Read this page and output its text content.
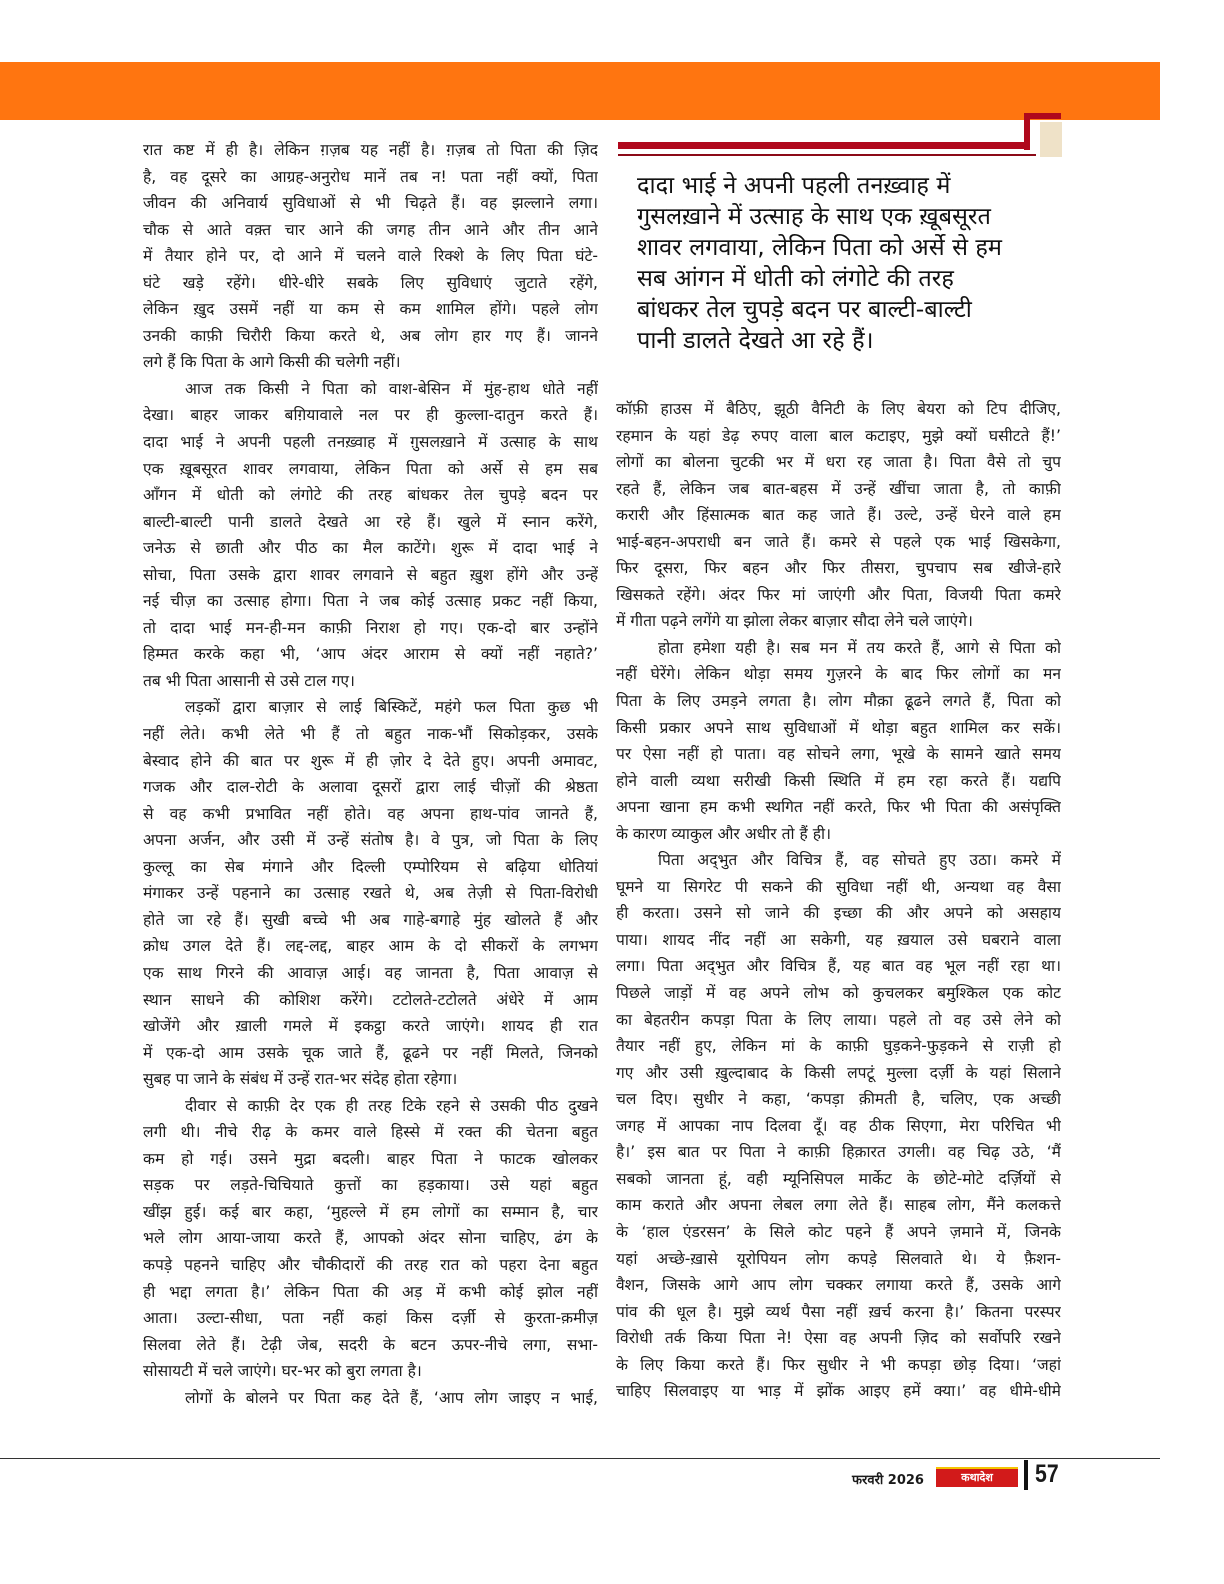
दादा भाई ने अपनी पहली तनख़्वाह में
गुसलख़ाने में उत्साह के साथ एक ख़ूबसूरत
शावर लगवाया, लेकिन पिता को अर्से से हम
सब आंगन में धोती को लंगोटे की तरह
बांधकर तेल चुपड़े बदन पर बाल्टी-बाल्टी
पानी डालते देखते आ रहे हैं।
रात कष्ट में ही है। लेकिन ग़ज़ब यह नहीं है। ग़ज़ब तो पिता की ज़िद
है, वह दूसरे का आग्रह-अनुरोध मानें तब न! पता नहीं क्यों, पिता
जीवन की अनिवार्य सुविधाओं से भी चिढ़ते हैं। वह झल्लाने लगा।
चौक से आते वक़्त चार आने की जगह तीन आने और तीन आने
में तैयार होने पर, दो आने में चलने वाले रिक्शे के लिए पिता घंटे-
घंटे खड़े रहेंगे। धीरे-धीरे सबके लिए सुविधाएं जुटाते रहेंगे,
लेकिन ख़ुद उसमें नहीं या कम से कम शामिल होंगे। पहले लोग
उनकी काफ़ी चिरौरी किया करते थे, अब लोग हार गए हैं। जानने
लगे हैं कि पिता के आगे किसी की चलेगी नहीं।
आज तक किसी ने पिता को वाश-बेसिन में मुंह-हाथ धोते नहीं
देखा। बाहर जाकर बग़ियावाले नल पर ही कुल्ला-दातुन करते हैं।
दादा भाई ने अपनी पहली तनख़्वाह में ग़ुसलख़ाने में उत्साह के साथ
एक ख़ूबसूरत शावर लगवाया, लेकिन पिता को अर्से से हम सब
आँगन में धोती को लंगोटे की तरह बांधकर तेल चुपड़े बदन पर
बाल्टी-बाल्टी पानी डालते देखते आ रहे हैं। खुले में स्नान करेंगे,
जनेऊ से छाती और पीठ का मैल काटेंगे। शुरू में दादा भाई ने
सोचा, पिता उसके द्वारा शावर लगवाने से बहुत ख़ुश होंगे और उन्हें
नई चीज़ का उत्साह होगा। पिता ने जब कोई उत्साह प्रकट नहीं किया,
तो दादा भाई मन-ही-मन काफ़ी निराश हो गए। एक-दो बार उन्होंने
हिम्मत करके कहा भी, ‘आप अंदर आराम से क्यों नहीं नहाते?’
तब भी पिता आसानी से उसे टाल गए।
लड़कों द्वारा बाज़ार से लाई बिस्किटें, महंगे फल पिता कुछ भी
नहीं लेते। कभी लेते भी हैं तो बहुत नाक-भौं सिकोड़कर, उसके
बेस्वाद होने की बात पर शुरू में ही ज़ोर दे देते हुए। अपनी अमावट,
गजक और दाल-रोटी के अलावा दूसरों द्वारा लाई चीज़ों की श्रेष्ठता
से वह कभी प्रभावित नहीं होते। वह अपना हाथ-पांव जानते हैं,
अपना अर्जन, और उसी में उन्हें संतोष है। वे पुत्र, जो पिता के लिए
कुल्लू का सेब मंगाने और दिल्ली एम्पोरियम से बढ़िया धोतियां
मंगाकर उन्हें पहनाने का उत्साह रखते थे, अब तेज़ी से पिता-विरोधी
होते जा रहे हैं। सुखी बच्चे भी अब गाहे-बगाहे मुंह खोलते हैं और
क्रोध उगल देते हैं। लद्द-लद्द, बाहर आम के दो सीकरों के लगभग
एक साथ गिरने की आवाज़ आई। वह जानता है, पिता आवाज़ से
स्थान साधने की कोशिश करेंगे। टटोलते-टटोलते अंधेरे में आम
खोजेंगे और ख़ाली गमले में इकट्ठा करते जाएंगे। शायद ही रात
में एक-दो आम उसके चूक जाते हैं, ढूढने पर नहीं मिलते, जिनको
सुबह पा जाने के संबंध में उन्हें रात-भर संदेह होता रहेगा।
दीवार से काफ़ी देर एक ही तरह टिके रहने से उसकी पीठ दुखने
लगी थी। नीचे रीढ़ के कमर वाले हिस्से में रक्त की चेतना बहुत
कम हो गई। उसने मुद्रा बदली। बाहर पिता ने फाटक खोलकर
सड़क पर लड़ते-चिचियाते कुत्तों का हड़काया। उसे यहां बहुत
खींझ हुई। कई बार कहा, ‘मुहल्ले में हम लोगों का सम्मान है, चार
भले लोग आया-जाया करते हैं, आपको अंदर सोना चाहिए, ढंग के
कपड़े पहनने चाहिए और चौकीदारों की तरह रात को पहरा देना बहुत
ही भद्दा लगता है।’ लेकिन पिता की अड़ में कभी कोई झोल नहीं
आता। उल्टा-सीधा, पता नहीं कहां किस दर्ज़ी से कुरता-क़मीज़
सिलवा लेते हैं। टेढ़ी जेब, सदरी के बटन ऊपर-नीचे लगा, सभा-
सोसायटी में चले जाएंगे। घर-भर को बुरा लगता है।
लोगों के बोलने पर पिता कह देते हैं, ‘आप लोग जाइए न भाई,
कॉफ़ी हाउस में बैठिए, झूठी वैनिटी के लिए बेयरा को टिप दीजिए,
रहमान के यहां डेढ़ रुपए वाला बाल कटाइए, मुझे क्यों घसीटते हैं!’
लोगों का बोलना चुटकी भर में धरा रह जाता है। पिता वैसे तो चुप
रहते हैं, लेकिन जब बात-बहस में उन्हें खींचा जाता है, तो काफ़ी
करारी और हिंसात्मक बात कह जाते हैं। उल्टे, उन्हें घेरने वाले हम
भाई-बहन-अपराधी बन जाते हैं। कमरे से पहले एक भाई खिसकेगा,
फिर दूसरा, फिर बहन और फिर तीसरा, चुपचाप सब खीजे-हारे
खिसकते रहेंगे। अंदर फिर मां जाएंगी और पिता, विजयी पिता कमरे
में गीता पढ़ने लगेंगे या झोला लेकर बाज़ार सौदा लेने चले जाएंगे।
होता हमेशा यही है। सब मन में तय करते हैं, आगे से पिता को
नहीं घेरेंगे। लेकिन थोड़ा समय गुज़रने के बाद फिर लोगों का मन
पिता के लिए उमड़ने लगता है। लोग मौक़ा ढूढने लगते हैं, पिता को
किसी प्रकार अपने साथ सुविधाओं में थोड़ा बहुत शामिल कर सकें।
पर ऐसा नहीं हो पाता। वह सोचने लगा, भूखे के सामने खाते समय
होने वाली व्यथा सरीखी किसी स्थिति में हम रहा करते हैं। यद्यपि
अपना खाना हम कभी स्थगित नहीं करते, फिर भी पिता की असंपृक्ति
के कारण व्याकुल और अधीर तो हैं ही।
पिता अद्‌भुत और विचित्र हैं, वह सोचते हुए उठा। कमरे में
घूमने या सिगरेट पी सकने की सुविधा नहीं थी, अन्यथा वह वैसा
ही करता। उसने सो जाने की इच्छा की और अपने को असहाय
पाया। शायद नींद नहीं आ सकेगी, यह ख़याल उसे घबराने वाला
लगा। पिता अद्‌भुत और विचित्र हैं, यह बात वह भूल नहीं रहा था।
पिछले जाड़ों में वह अपने लोभ को कुचलकर बमुश्किल एक कोट
का बेहतरीन कपड़ा पिता के लिए लाया। पहले तो वह उसे लेने को
तैयार नहीं हुए, लेकिन मां के काफ़ी घुड़कने-फुड़कने से राज़ी हो
गए और उसी ख़ुल्दाबाद के किसी लपटूं मुल्ला दर्ज़ी के यहां सिलाने
चल दिए। सुधीर ने कहा, ‘कपड़ा क़ीमती है, चलिए, एक अच्छी
जगह में आपका नाप दिलवा दूँ। वह ठीक सिएगा, मेरा परिचित भी
है।’ इस बात पर पिता ने काफ़ी हिक़ारत उगली। वह चिढ़ उठे, ‘मैं
सबको जानता हूं, वही म्यूनिसिपल मार्केट के छोटे-मोटे दर्ज़ियों से
काम कराते और अपना लेबल लगा लेते हैं। साहब लोग, मैंने कलकत्ते
के ‘हाल एंडरसन’ के सिले कोट पहने हैं अपने ज़माने में, जिनके
यहां अच्छे-ख़ासे यूरोपियन लोग कपड़े सिलवाते थे। ये फ़ैशन-
वैशन, जिसके आगे आप लोग चक्कर लगाया करते हैं, उसके आगे
पांव की धूल है। मुझे व्यर्थ पैसा नहीं ख़र्च करना है।’ कितना परस्पर
विरोधी तर्क किया पिता ने! ऐसा वह अपनी ज़िद को सर्वोपरि रखने
के लिए किया करते हैं। फिर सुधीर ने भी कपड़ा छोड़ दिया। ‘जहां
चाहिए सिलवाइए या भाड़ में झोंक आइए हमें क्या।’ वह धीमे-धीमे
फरवरी 2026	कथादेश	57
